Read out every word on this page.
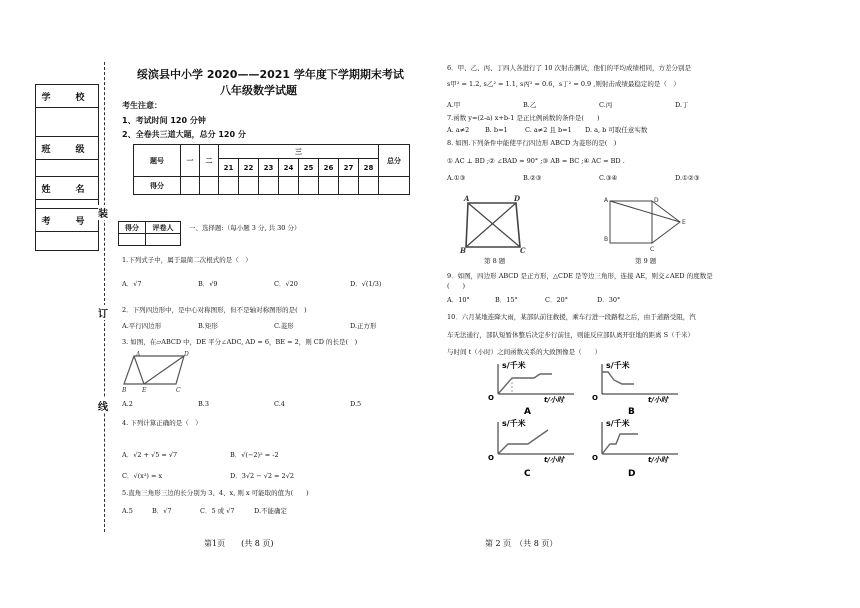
学　校

班　级

姓　名

考　号

装
订
线
绥滨县中小学 2020——2021 学年度下学期期末考试
八年级数学试题
考生注意：
1、考试时间 120 分钟
2、全卷共三道大题，总分 120 分
题号	一	二	三								总分
			21	22	23	24	25	26	27	28	
得分											
得分	评卷人
	一、选择题:（每小题 3 分, 共 30 分）
1.下列式子中，属于最简二次根式的是（　）
A．√7	B．√9	C．√20	D．√(1/3)
2．下列四边形中，是中心对称图形，但不是轴对称图形的是(　)
A.平行四边形	B.矩形	C.菱形	D.正方形
3. 如图，在▱ABCD 中，DE 平分∠ADC, AD = 6，BE = 2，则 CD 的长是(　)
A	D
B	E	C
A.2	B.3	C.4	D.5
4. 下列计算正确的是（　）
A．√2 + √5 = √7	B．√(−2)² = -2
C．√(x²) = x	D．3√2 − √2 = 2√2
5.直角三角形三边的长分别为 3、4、x, 则 x 可能取的值为(　　)
A.5	B．√7	C．5 或 √7	D.不能确定
第1页　　(共 8 页)
6．甲、乙、丙、丁四人各进行了 10 次射击测试，他们的平均成绩相同，方差分别是
s甲² = 1.2, s乙² = 1.1, s丙² = 0.6，s丁² = 0.9 ,则射击成绩最稳定的是（　）
A.甲	B.乙	C.丙	D.丁
7.函数 y=(2-a) x+b-1 是正比例函数的条件是(　　)
A. a≠2 B. b=1	C. a≠2 且 b=1 D. a, b 可取任意实数
8. 如图.下列条件中能使平行四边形 ABCD 为菱形的是(　)
① AC ⊥ BD ;② ∠BAD = 90° ;③ AB = BC ;④ AC = BD .
A.①③	B.②③	C.③④	D.①②③
A	D
B	C
第 8 题
A	D
B
C
E
第 9 题
9．如图，四边形 ABCD 是正方形，△CDE 是等边三角形，连接 AE，则交∠AED 的度数是
(　　)
A．10°	B．15°	C．20°	D．30°
10．六月某地连降大雨，某部队前往救援，乘车行进一段路程之后，由于道路受阻，汽
车无法通行，部队短暂休整后决定步行前往，则能反应部队离开驻地的距离 S（千米）
与时间 t（小时）之间函数关系的大致图像是（　　）
s/千米
t/小时
O
A
s/千米
t/小时
O
B
s/千米
t/小时
O
C
s/千米
t/小时
O
D
第 2 页　（共 8 页）
